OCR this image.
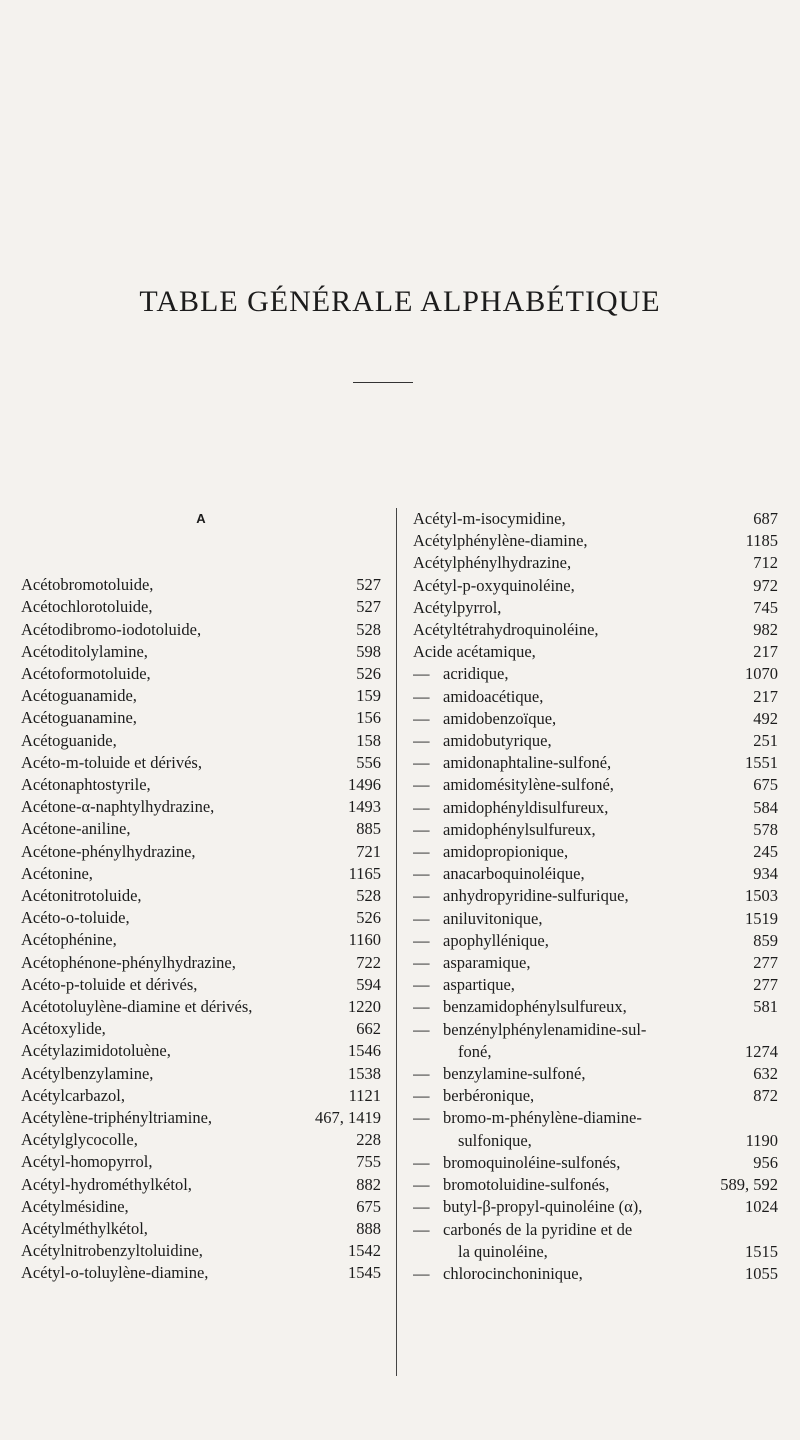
TABLE GÉNÉRALE ALPHABÉTIQUE
A
Acétobromotoluide,	527
Acétochlorotoluide,	527
Acétodibromo-iodotoluide,	528
Acétoditolylamine,	598
Acétoformotoluide,	526
Acétoguanamide,	159
Acétoguanamine,	156
Acétoguanide,	158
Acéto-m-toluide et dérivés,	556
Acétonaphtostyrile,	1496
Acétone-α-naphtylhydrazine,	1493
Acétone-aniline,	885
Acétone-phénylhydrazine,	721
Acétonine,	1165
Acétonitrotoluide,	528
Acéto-o-toluide,	526
Acétophénine,	1160
Acétophénone-phénylhydrazine,	722
Acéto-p-toluide et dérivés,	594
Acétotoluylène-diamine et dérivés,	1220
Acétoxylide,	662
Acétylazimidotoluène,	1546
Acétylbenzylamine,	1538
Acétylcarbazol,	1121
Acétylène-triphényltriamine,	467, 1419
Acétylglycocolle,	228
Acétyl-homopyrrol,	755
Acétyl-hydrométhylkétol,	882
Acétylmésidine,	675
Acétylméthylkétol,	888
Acétylnitrobenzyltoluidine,	1542
Acétyl-o-toluylène-diamine,	1545
Acétyl-m-isocymidine,	687
Acétylphénylène-diamine,	1185
Acétylphénylhydrazine,	712
Acétyl-p-oxyquinoléine,	972
Acétylpyrrol,	745
Acétyltétrahydroquinoléine,	982
Acide acétamique,	217
— acridique,	1070
— amidoacétique,	217
— amidobenzoïque,	492
— amidobutyrique,	251
— amidonaphtaline-sulfoné,	1551
— amidomésitylène-sulfoné,	675
— amidophényldisulfureux,	584
— amidophénylsulfureux,	578
— amidopropionique,	245
— anacarboquinoléique,	934
— anhydropyridine-sulfurique,	1503
— aniluvitonique,	1519
— apophyllénique,	859
— asparamique,	277
— aspartique,	277
— benzamidophénylsulfureux,	581
— benzénylphénylenamidine-sul-
foné,	1274
— benzylamine-sulfoné,	632
— berbéronique,	872
— bromo-m-phénylène-diamine-
sulfonique,	1190
— bromoquinoléine-sulfonés,	956
— bromotoluidine-sulfonés,	589, 592
— butyl-β-propyl-quinoléine (α),	1024
— carbonés de la pyridine et de
la quinoléine,	1515
— chlorocinchoninique,	1055
